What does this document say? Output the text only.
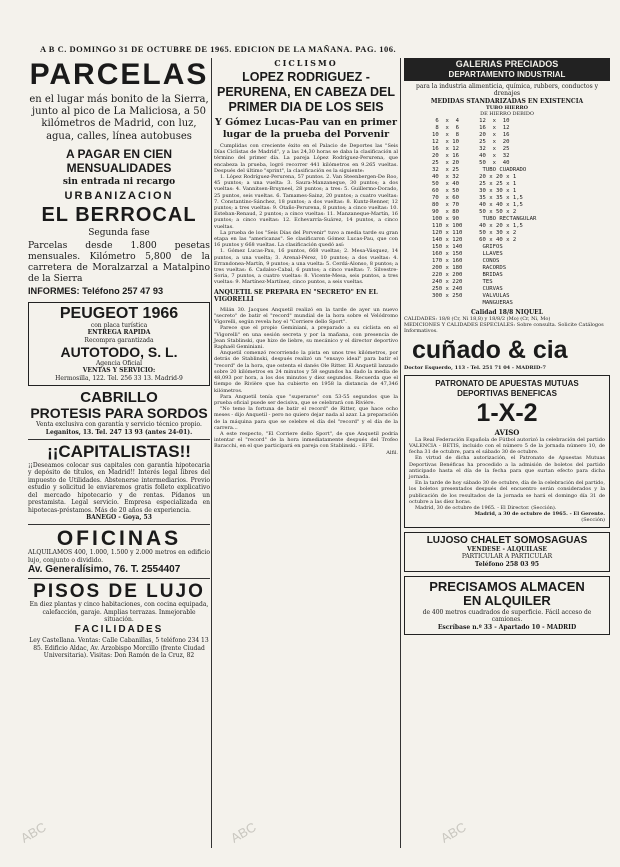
A B C. DOMINGO 31 DE OCTUBRE DE 1965. EDICION DE LA MAÑANA. PAG. 106.
PARCELAS
en el lugar más bonito de la Sierra, junto al pico de La Maliciosa, a 50 kilómetros de Madrid, con luz, agua, calles, línea autobuses
A PAGAR EN CIEN MENSUALIDADES
sin entrada ni recargo
URBANIZACION
EL BERROCAL
Segunda fase
Parcelas desde 1.800 pesetas mensuales. Kilómetro 5,800 de la carretera de Moralzarzal a Matalpino de la Sierra
INFORMES: Teléfono 257 47 93
PEUGEOT 1966
con placa turística
ENTREGA RAPIDA
Recompra garantizada
AUTOTODO, S. L.
Agencia Oficial
VENTAS Y SERVICIO:
Hermosilla, 122. Tel. 256 33 13. Madrid-9
CABRILLO
PROTESIS PARA SORDOS
Venta exclusiva con garantía y servicio técnico propio.
Leganitos, 13. Tel. 247 13 93 (antes 24-01).
¡¡CAPITALISTAS!!
¡¡Deseamos colocar sus capitales con garantía hipotecaria y depósito de títulos, en Madrid!! Interés legal libres del impuesto de Utilidades. Abstenerse intermediarios. Previo estudio y solicitud le enviaremos gratis folleto explicativo del mercado hipotecario y de rentas. Pídanos un prestamista. Legal servicio. Empresa especializada en hipotecas-préstamos. Más de 20 años de experiencia.
BANEGO - Goya, 53
OFICINAS
ALQUILAMOS 400, 1.000, 1.500 y 2.000 metros en edificio lujo, conjunto o dividido.
Av. Generalísimo, 76. T. 2554407
PISOS DE LUJO
En diez plantas y cinco habitaciones, con cocina equipada, calefacción, garaje. Amplias terrazas. Inmejorable situación.
FACILIDADES
Ley Castellana. Ventas: Calle Cabanillas, 5 teléfono 234 13 85. Edificio Aldac, Av. Arzobispo Morcillo (frente Ciudad Universitaria). Visitas: Don Ramón de la Cruz, 82
CICLISMO
LOPEZ RODRIGUEZ - PERURENA, EN CABEZA DEL PRIMER DIA DE LOS SEIS
Y Gómez Lucas-Pau van en primer lugar de la prueba del Porvenir
Cumplidas con creciente éxito en el Palacio de Deportes las "Seis Días Ciclistas de Madrid", y a las 24,30 horas se daba la clasificación al término del primer día. La pareja López Rodríguez-Perurena, que encabeza la prueba, logró recorrer 441 kilómetros en 9.265 vueltas. Después del último "sprint", la clasificación es la siguiente:
1. López Rodríguez-Perurena, 57 puntos. 2. Van Steenbergen-De Roo, 45 puntos; a una vuelta: 3. Saura-Manzaneque, 30 puntos; a dos vueltas: 4. Vannitsen-Bruyneel, 28 puntos; a tres: 5. Guillermo-Dorado, 25 puntos, seis vueltas. 6. Tamames-Sainz, 20 puntos; a cuatro vueltas: 7. Constantino-Sánchez, 18 puntos; a dos vueltas: 8. Kuntz-Renner, 12 puntos; a tres vueltas: 9. Otaño-Perurena, 8 puntos; a cinco vueltas: 10. Esteban-Renaud, 2 puntos; a cinco vueltas: 11. Manzaneque-Martín, 16 puntos; a cinco vueltas: 12. Echevarría-Suárez, 14 puntos, a cinco vueltas.
La prueba de los "Seis Días del Porvenir" tuvo a media tarde su gran etapa en las "americanas". Se clasificaron Gómez Lucas-Pau, que con 16 puntos y 668 vueltas. La clasificación quedó así:
1. Gómez Lucas-Pau, 16 puntos, 668 vueltas; 2. Mesa-Vásquez, 14 puntos, a una vuelta; 3. Arenal-Pérez, 10 puntos; a dos vueltas: 4. Errandonea-Martín, 9 puntos; a una vuelta: 5. Cerdá-Alonso, 8 puntos; a tres vueltas: 6. Cadalso-Cabal, 6 puntos; a cinco vueltas: 7. Silvestre-Soria, 7 puntos, a cuatro vueltas: 8. Vicente-Mesa, seis puntos, a tres vueltas: 9. Martínez-Martínez, cinco puntos, a seis vueltas.
ANQUETIL SE PREPARA EN "SECRETO" EN EL VIGORELLI
Milán 30. Jacques Anquetil realizó en la tarde de ayer un nuevo "secreto" de batir el "record" mundial de la hora sobre el Velódromo Vigorelli, según revela hoy el "Corriere dello Sport".
Parece que el propio Geminiani, a preparado a su ciclista en el "Vigorelli" en una sesión secreta y por la mañana, con presencia de Jean Stablinski, que hizo de liebre, su mecánico y el director deportivo Raphaël Geminiani.
Anquetil comenzó recorriendo la pista en unos tres kilómetros, por detrás de Stablinski, después realizó un "ensayo ideal" para batir el "record" de la hora, que ostenta el danés Ole Ritter. El Anquetil lanzado sobre 20 kilómetros en 24 minutos y 58 segundos ha dado la media de 48,093 por hora, a los dos minutos y diez segundos. Recuerda que el tiempo de Rivière que ha cubierto en 1958 la distancia de 47,346 kilómetros.
Para Anquetil tenía que "superarse" con 53-55 segundos que la prueba oficial puede ser decisiva, que se celebrará con Rivière.
"No temo la fortuna de batir el record" de Ritter, que hace ocho meses - dijo Anquetil - pero no quiero dejar nada al azar. La preparación de la máquina para que se celebre el día del "record" y el día de la carrera...
A este respecto, "El Corriere dello Sport", de que Anquetil podría intentar el "record" de la hora inmediatamente después del Trofeo Baracchi, en el que participará en pareja con Stablinski. - EFE.
Alfil.
GALERIAS PRECIADOS
DEPARTAMENTO INDUSTRIAL
para la industria alimenticia, química, rubbers, conductos y drenajes
MEDIDAS STANDARIZADAS EN EXISTENCIA
TUBO HIERRO
DE HIERRO DEBIDO
6  x  4      12  x  10
8  x  6      16  x  12
10  x  8      20  x  16
12  x 10      25  x  20
16  x 12      32  x  25
20  x 16      40  x  32
25  x 20      50  x  40
32  x 25       TUBO CUADRADO
40  x 32      20 x 20 x 1
50  x 40      25 x 25 x 1
60  x 50      30 x 30 x 1
70  x 60      35 x 35 x 1,5
80  x 70      40 x 40 x 1,5
90  x 80      50 x 50 x 2
100 x 90       TUBO RECTANGULAR
110 x 100     40 x 20 x 1,5
120 x 110     50 x 30 x 2
140 x 120     60 x 40 x 2
150 x 140      GRIFOS
160 x 150      LLAVES
170 x 160      CONOS
200 x 180      RACORDS
220 x 200      BRIDAS
240 x 220      TES
250 x 240      CURVAS
300 x 250      VALVULAS
MANGUERAS
Calidad 18/8 NIQUEL
CALIDADES: 18/8 (Cr, Ni 18,8) y 18/8/2 (Mo) (Cr, Ni, Mo)
MEDICIONES Y CALIDADES ESPECIALES: Sobre consulta. Solicite Catálogos Informativos.
cuñado & cia
Doctor Esquerdo, 113 - Tel. 251 71 04 - MADRID-7
PATRONATO DE APUESTAS MUTUAS DEPORTIVAS BENEFICAS
1-X-2
AVISO
La Real Federación Española de Fútbol autorizó la celebración del partido VALENCIA - BETIS, incluido con el número 5 de la jornada número 10, de fecha 31 de octubre, para el sábado 30 de octubre.
En virtud de dicha autorización, el Patronato de Apuestas Mutuas Deportivas Benéficas ha procedido a la admisión de boletos del partido anticipado hasta el día de la fecha para que surtan efecto para dicha jornada.
En la tarde de hoy sábado 30 de octubre, día de la celebración del partido, los boletos presentados después del encuentro serán considerados y la publicación de los resultados de la jornada se hará el domingo día 31 de octubre a las diez horas.
Madrid, 30 de octubre de 1965. - El Director. (Sección).
Madrid, a 30 de octubre de 1965. - El Gerente.
(Sección)
LUJOSO CHALET SOMOSAGUAS
VENDESE - ALQUILASE
PARTICULAR A PARTICULAR
Teléfono 258 03 95
PRECISAMOS ALMACEN
EN ALQUILER
de 400 metros cuadrados de superficie. Fácil acceso de camiones.
Escríbase n.º 33 - Apartado 10 - MADRID
ABC	ABC	ABC
